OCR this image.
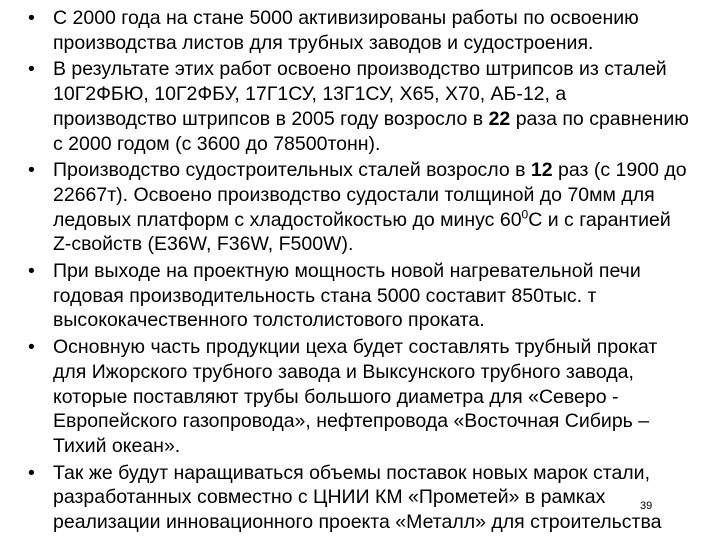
• С 2000 года на стане 5000 активизированы работы по освоению производства листов для трубных заводов и судостроения.
• В результате этих работ освоено производство штрипсов из сталей 10Г2ФБЮ, 10Г2ФБУ, 17Г1СУ, 13Г1СУ, Х65, Х70, АБ-12, а производство штрипсов в 2005 году возросло в 22 раза по сравнению с 2000 годом (с 3600 до 78500тонн).
• Производство судостроительных сталей возросло в 12 раз (с 1900 до 22667т). Освоено производство судостали толщиной до 70мм для ледовых платформ с хладостойкостью до минус $60^0С$ и с гарантией Z-свойств (Е36W, F36W, F500W).
• При выходе на проектную мощность новой нагревательной печи годовая производительность стана 5000 составит 850тыс. т высококачественного толстолистового проката.
• Основную часть продукции цеха будет составлять трубный прокат для Ижорского трубного завода и Выксунского трубного завода, которые поставляют трубы большого диаметра для «Северо - Европейского газопровода», нефтепровода «Восточная Сибирь – Тихий океан».
• Так же будут наращиваться объемы поставок новых марок стали, разработанных совместно с ЦНИИ КМ «Прометей» в рамках реализации инновационного проекта «Металл» для строительства
39
